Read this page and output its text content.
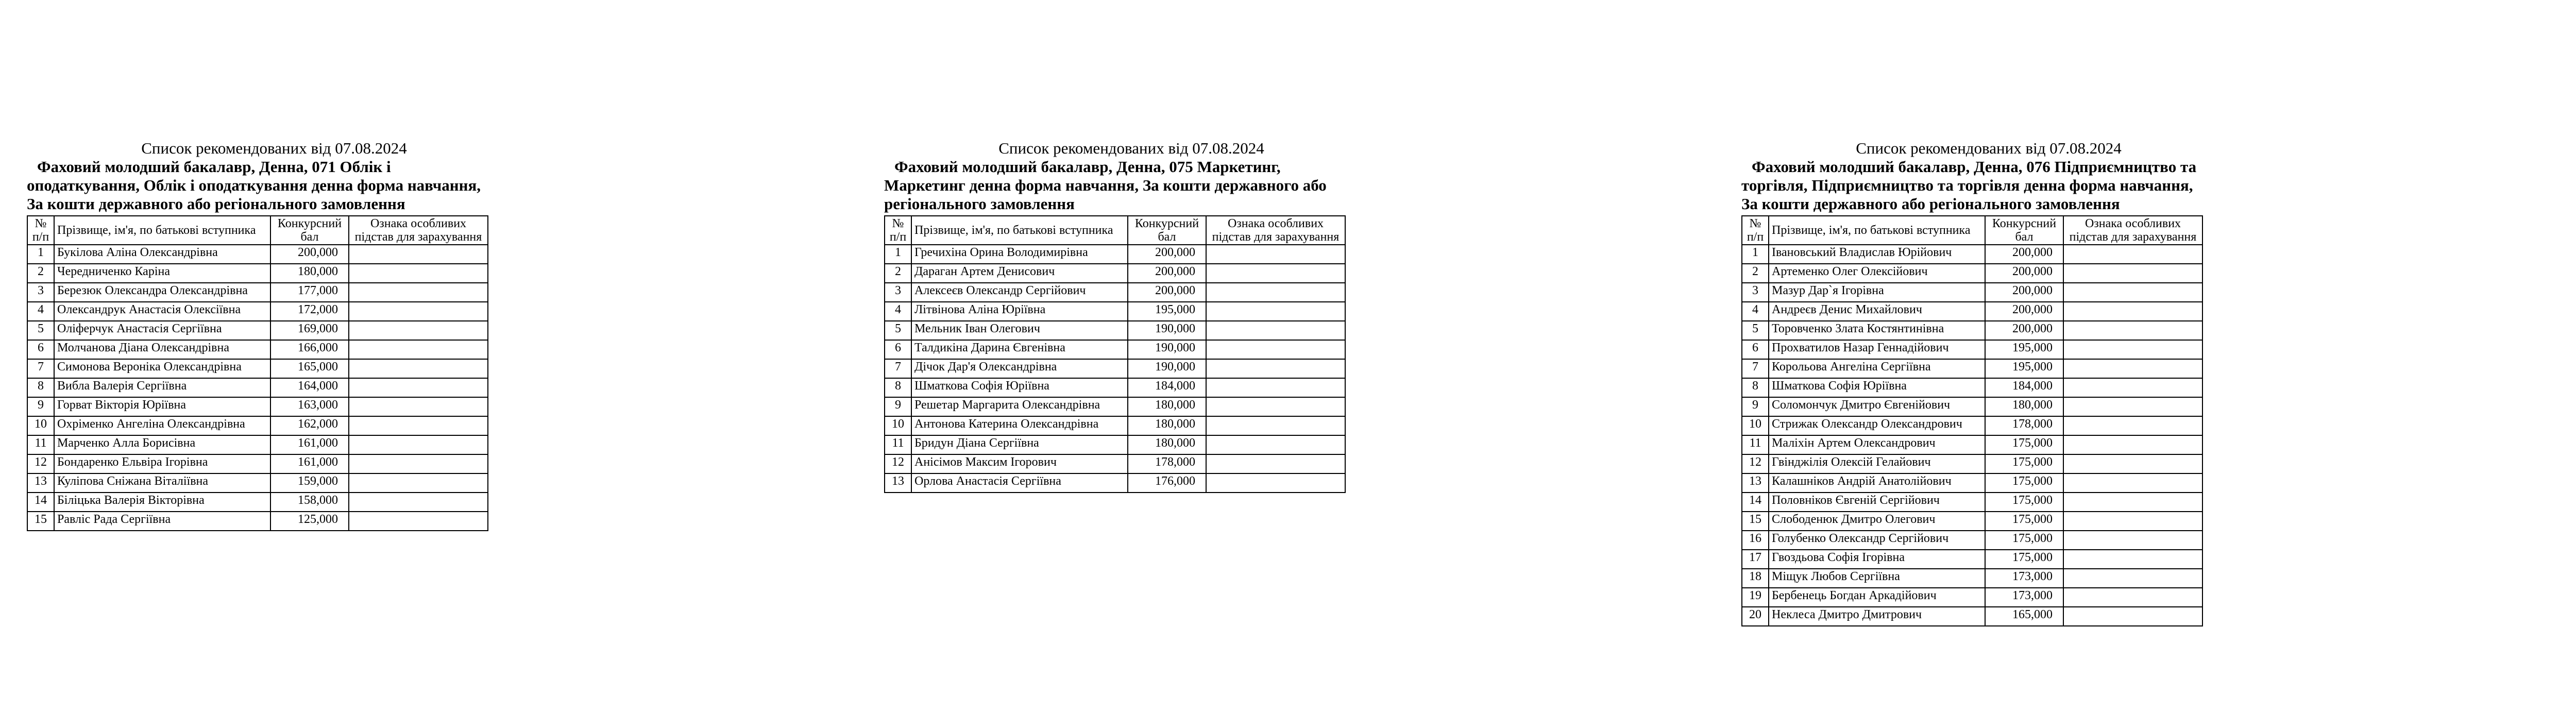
Список рекомендованих від 07.08.2024
Фаховий молодший бакалавр, Денна, 071 Облік і
оподаткування, Облік і оподаткування денна форма навчання,
За кошти державного або регіонального замовлення
№ п/п	Прізвище, ім'я, по батькові вступника	Конкурсний бал	Ознака особливих підстав для зарахування
1	Букілова Аліна Олександрівна	200,000	
2	Чередниченко Каріна	180,000	
3	Березюк Олександра Олександрівна	177,000	
4	Олександрук Анастасія Олексіївна	172,000	
5	Оліферчук Анастасія Сергіївна	169,000	
6	Молчанова Діана Олександрівна	166,000	
7	Симонова Вероніка Олександрівна	165,000	
8	Вибла Валерія Сергіївна	164,000	
9	Горват Вікторія Юріївна	163,000	
10	Охріменко Ангеліна Олександрівна	162,000	
11	Марченко Алла Борисівна	161,000	
12	Бондаренко Ельвіра Ігорівна	161,000	
13	Куліпова Сніжана Віталіївна	159,000	
14	Біліцька Валерія Вікторівна	158,000	
15	Равліс Рада Сергіївна	125,000	
Список рекомендованих від 07.08.2024
Фаховий молодший бакалавр, Денна, 075 Маркетинг,
Маркетинг денна форма навчання, За кошти державного або
регіонального замовлення
№ п/п	Прізвище, ім'я, по батькові вступника	Конкурсний бал	Ознака особливих підстав для зарахування
1	Гречихіна Орина Володимирівна	200,000	
2	Дараган Артем Денисович	200,000	
3	Алексеєв Олександр Сергійович	200,000	
4	Літвінова Аліна Юріївна	195,000	
5	Мельник Іван Олегович	190,000	
6	Талдикіна Дарина Євгенівна	190,000	
7	Дічок Дар'я Олександрівна	190,000	
8	Шматкова Софія Юріївна	184,000	
9	Решетар Маргарита Олександрівна	180,000	
10	Антонова Катерина Олександрівна	180,000	
11	Бридун Діана Сергіївна	180,000	
12	Анісімов Максим Ігорович	178,000	
13	Орлова Анастасія Сергіївна	176,000	
Список рекомендованих від 07.08.2024
Фаховий молодший бакалавр, Денна, 076 Підприємництво та
торгівля, Підприємництво та торгівля денна форма навчання,
За кошти державного або регіонального замовлення
№ п/п	Прізвище, ім'я, по батькові вступника	Конкурсний бал	Ознака особливих підстав для зарахування
1	Івановський Владислав Юрійович	200,000	
2	Артеменко Олег Олексійович	200,000	
3	Мазур Дар`я Ігорівна	200,000	
4	Андреєв Денис Михайлович	200,000	
5	Торовченко Злата Костянтинівна	200,000	
6	Прохватилов Назар Геннадійович	195,000	
7	Корольова Ангеліна Сергіївна	195,000	
8	Шматкова Софія Юріївна	184,000	
9	Соломончук Дмитро Євгенійович	180,000	
10	Стрижак Олександр Олександрович	178,000	
11	Маліхін Артем Олександрович	175,000	
12	Гвінджілія Олексій Гелайович	175,000	
13	Калашніков Андрій Анатолійович	175,000	
14	Половніков Євгеній Сергійович	175,000	
15	Слободенюк Дмитро Олегович	175,000	
16	Голубенко Олександр Сергійович	175,000	
17	Гвоздьова Софія Ігорівна	175,000	
18	Міщук Любов Сергіївна	173,000	
19	Бербенець Богдан Аркадійович	173,000	
20	Неклеса Дмитро Дмитрович	165,000	
